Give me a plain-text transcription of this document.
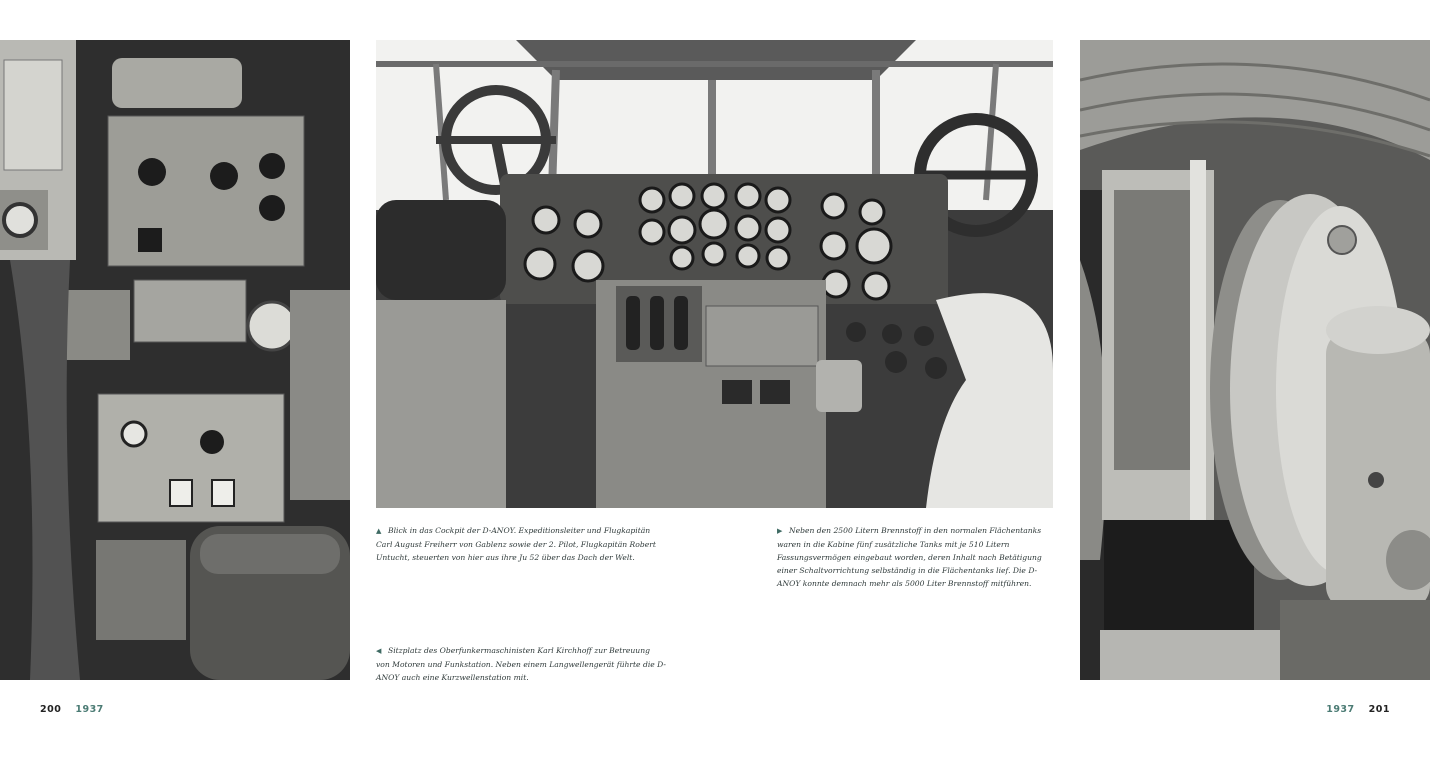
▲ Blick in das Cockpit der D-ANOY. Expeditionsleiter und Flugkapitän Carl August Freiherr von Gablenz sowie der 2. Pilot, Flugkapitän Robert Untucht, steuerten von hier aus ihre Ju 52 über das Dach der Welt.
▶ Neben den 2500 Litern Brennstoff in den normalen Flächentanks waren in die Kabine fünf zusätzliche Tanks mit je 510 Litern Fassungsvermögen eingebaut worden, deren Inhalt nach Betätigung einer Schaltvorrichtung selbständig in die Flächentanks lief. Die D-ANOY konnte demnach mehr als 5000 Liter Brennstoff mitführen.
◀ Sitzplatz des Oberfunkermaschinisten Karl Kirchhoff zur Betreuung von Motoren und Funkstation. Neben einem Langwellengerät führte die D-ANOY auch eine Kurzwellenstation mit.
200 1937	1937 201
